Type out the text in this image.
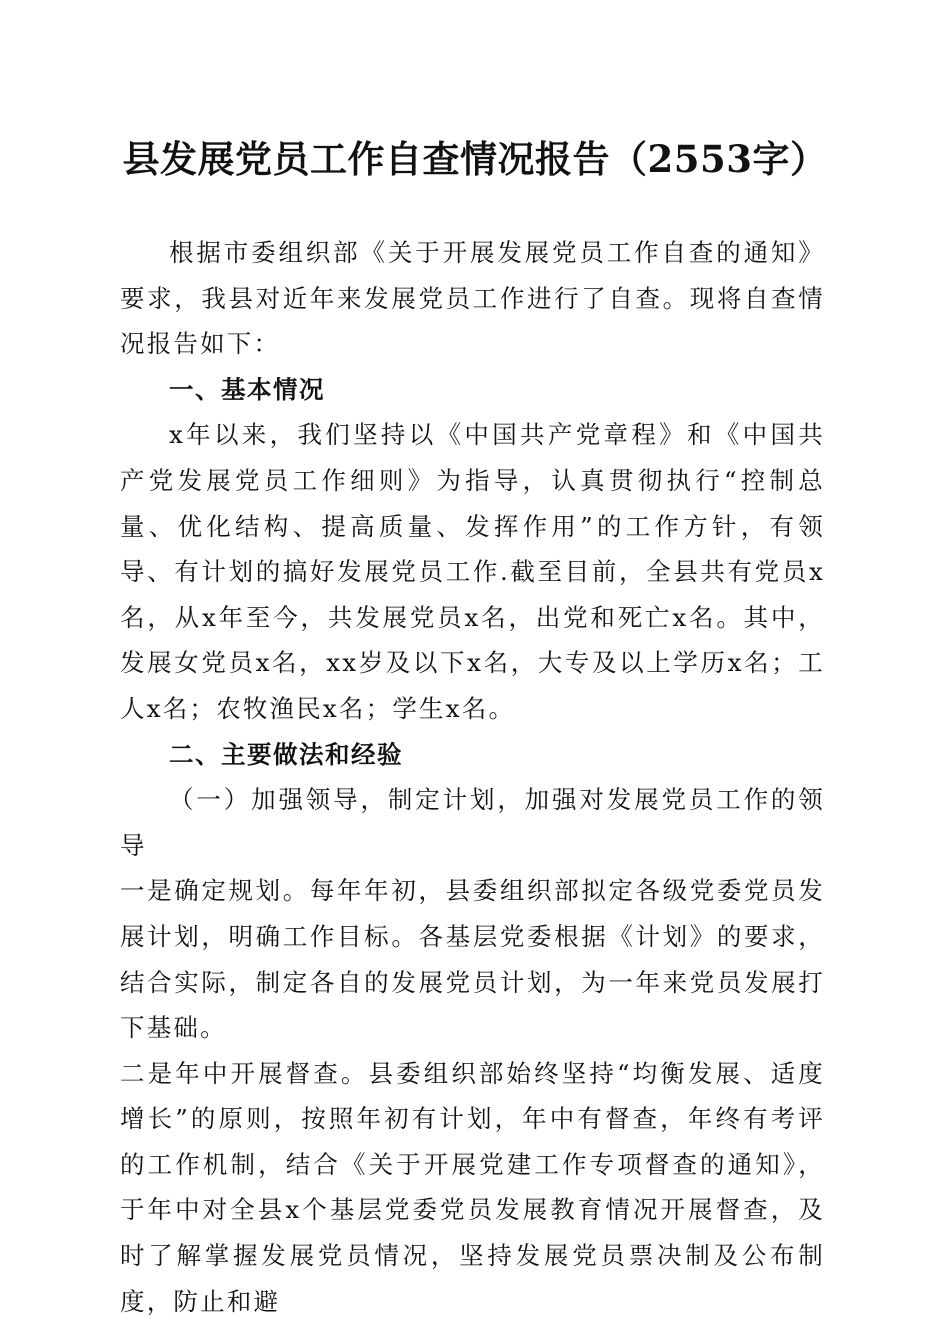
县发展党员工作自查情况报告（2553字）

根据市委组织部《关于开展发展党员工作自查的通知》要求，我县对近年来发展党员工作进行了自查。现将自查情况报告如下：

一、基本情况

x年以来，我们坚持以《中国共产党章程》和《中国共产党发展党员工作细则》为指导，认真贯彻执行“控制总量、优化结构、提高质量、发挥作用”的工作方针，有领导、有计划的搞好发展党员工作.截至目前，全县共有党员x名，从x年至今，共发展党员x名，出党和死亡x名。其中，发展女党员x名，xx岁及以下x名，大专及以上学历x名；工人x名；农牧渔民x名；学生x名。

二、主要做法和经验

（一）加强领导，制定计划，加强对发展党员工作的领导

一是确定规划。每年年初，县委组织部拟定各级党委党员发展计划，明确工作目标。各基层党委根据《计划》的要求，结合实际，制定各自的发展党员计划，为一年来党员发展打下基础。

二是年中开展督查。县委组织部始终坚持“均衡发展、适度增长”的原则，按照年初有计划，年中有督查，年终有考评的工作机制，结合《关于开展党建工作专项督查的通知》，于年中对全县x个基层党委党员发展教育情况开展督查，及时了解掌握发展党员情况，坚持发展党员票决制及公布制度，防止和避
